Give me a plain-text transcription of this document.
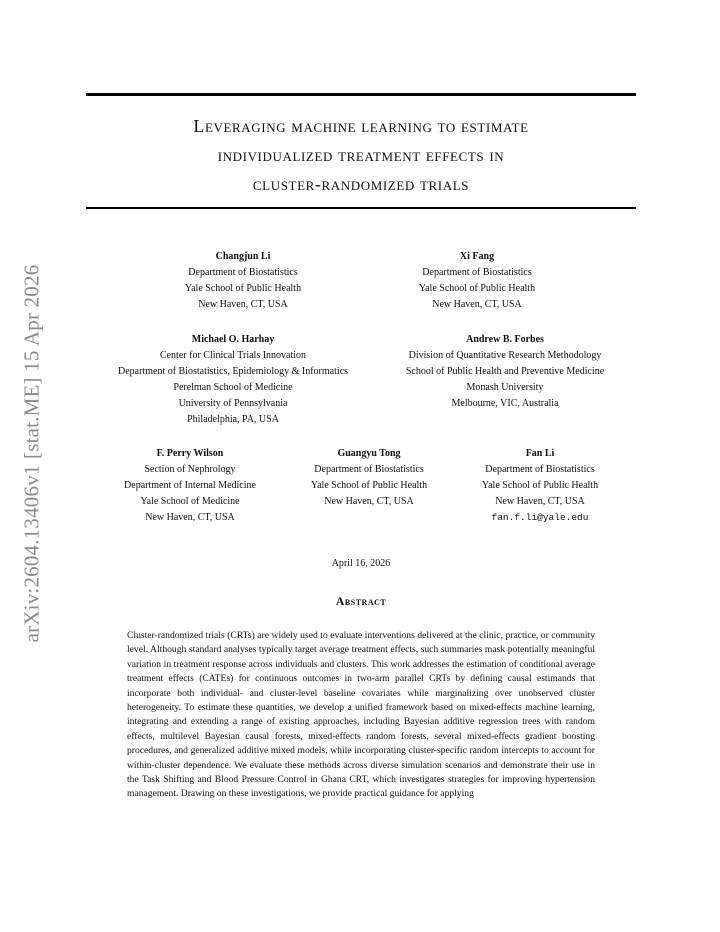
arXiv:2604.13406v1 [stat.ME] 15 Apr 2026
Leveraging machine learning to estimate
individualized treatment effects in
cluster-randomized trials
Changjun Li
Department of Biostatistics
Yale School of Public Health
New Haven, CT, USA
Xi Fang
Department of Biostatistics
Yale School of Public Health
New Haven, CT, USA
Michael O. Harhay
Center for Clinical Trials Innovation
Department of Biostatistics, Epidemiology & Informatics
Perelman School of Medicine
University of Pennsylvania
Philadelphia, PA, USA
Andrew B. Forbes
Division of Quantitative Research Methodology
School of Public Health and Preventive Medicine
Monash University
Melbourne, VIC, Australia
F. Perry Wilson
Section of Nephrology
Department of Internal Medicine
Yale School of Medicine
New Haven, CT, USA
Guangyu Tong
Department of Biostatistics
Yale School of Public Health
New Haven, CT, USA
Fan Li
Department of Biostatistics
Yale School of Public Health
New Haven, CT, USA
fan.f.li@yale.edu
April 16, 2026
Abstract

Cluster-randomized trials (CRTs) are widely used to evaluate interventions delivered at the clinic, practice, or community level. Although standard analyses typically target average treatment effects, such summaries mask potentially meaningful variation in treatment response across individuals and clusters. This work addresses the estimation of conditional average treatment effects (CATEs) for continuous outcomes in two-arm parallel CRTs by defining causal estimands that incorporate both individual- and cluster-level baseline covariates while marginalizing over unobserved cluster heterogeneity. To estimate these quantities, we develop a unified framework based on mixed-effects machine learning, integrating and extending a range of existing approaches, including Bayesian additive regression trees with random effects, multilevel Bayesian causal forests, mixed-effects random forests, several mixed-effects gradient boosting procedures, and generalized additive mixed models, while incorporating cluster-specific random intercepts to account for within-cluster dependence. We evaluate these methods across diverse simulation scenarios and demonstrate their use in the Task Shifting and Blood Pressure Control in Ghana CRT, which investigates strategies for improving hypertension management. Drawing on these investigations, we provide practical guidance for applying
